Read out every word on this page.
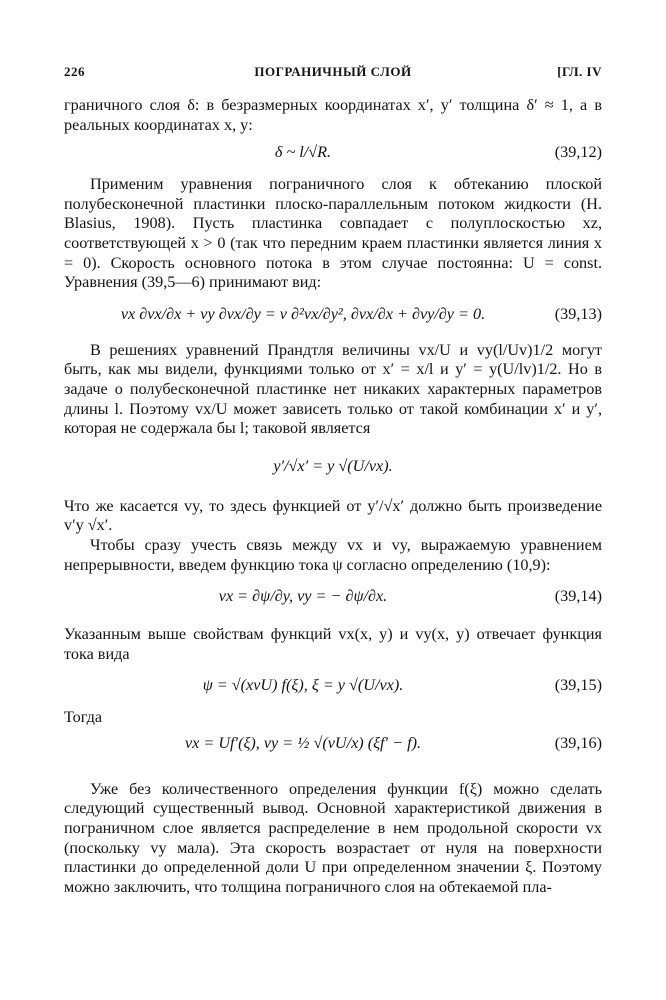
226	ПОГРАНИЧНЫЙ СЛОЙ	[ГЛ. IV

граничного слоя δ: в безразмерных координатах x′, y′ толщина δ′ ≈ 1, а в реальных координатах x, y:

δ ~ l/√R.	(39,12)

Применим уравнения пограничного слоя к обтеканию плоской полубесконечной пластинки плоско-параллельным потоком жидкости (H. Blasius, 1908). Пусть пластинка совпадает с полуплоскостью xz, соответствующей x > 0 (так что передним краем пластинки является линия x = 0). Скорость основного потока в этом случае постоянна: U = const. Уравнения (39,5—6) принимают вид:

vx ∂vx/∂x + vy ∂vx/∂y = ν ∂²vx/∂y², ∂vx/∂x + ∂vy/∂y = 0.	(39,13)

В решениях уравнений Прандтля величины vx/U и vy(l/Uv)1/2 могут быть, как мы видели, функциями только от x′ = x/l и y′ = y(U/lv)1/2. Но в задаче о полубесконечной пластинке нет никаких характерных параметров длины l. Поэтому vx/U может зависеть только от такой комбинации x′ и y′, которая не содержала бы l; таковой является

y′/√x′ = y √(U/νx).

Что же касается vy, то здесь функцией от y′/√x′ должно быть произведение v′y √x′.

Чтобы сразу учесть связь между vx и vy, выражаемую уравнением непрерывности, введем функцию тока ψ согласно определению (10,9):

vx = ∂ψ/∂y, vy = − ∂ψ/∂x.	(39,14)

Указанным выше свойствам функций vx(x, y) и vy(x, y) отвечает функция тока вида

ψ = √(xνU) f(ξ), ξ = y √(U/νx).	(39,15)

Тогда

vx = Uf′(ξ), vy = ½ √(νU/x) (ξf′ − f).	(39,16)

Уже без количественного определения функции f(ξ) можно сделать следующий существенный вывод. Основной характеристикой движения в пограничном слое является распределение в нем продольной скорости vx (поскольку vy мала). Эта скорость возрастает от нуля на поверхности пластинки до определенной доли U при определенном значении ξ. Поэтому можно заключить, что толщина пограничного слоя на обтекаемой пла-
